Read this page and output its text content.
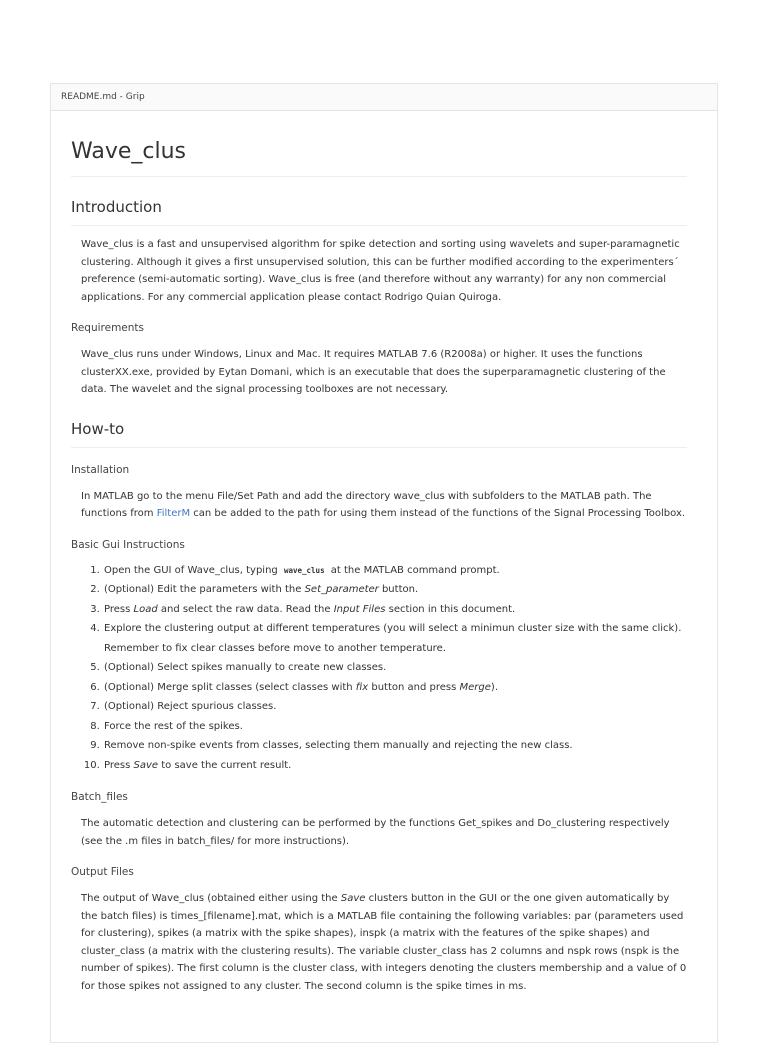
README.md - Grip
Wave_clus
Introduction

Wave_clus is a fast and unsupervised algorithm for spike detection and sorting using wavelets and super-paramagnetic clustering. Although it gives a first unsupervised solution, this can be further modified according to the experimenters´ preference (semi-automatic sorting). Wave_clus is free (and therefore without any warranty) for any non commercial applications. For any commercial application please contact Rodrigo Quian Quiroga.

Requirements

Wave_clus runs under Windows, Linux and Mac. It requires MATLAB 7.6 (R2008a) or higher. It uses the functions clusterXX.exe, provided by Eytan Domani, which is an executable that does the superparamagnetic clustering of the data. The wavelet and the signal processing toolboxes are not necessary.

How-to
Installation

In MATLAB go to the menu File/Set Path and add the directory wave_clus with subfolders to the MATLAB path. The functions from FilterM can be added to the path for using them instead of the functions of the Signal Processing Toolbox.

Basic Gui Instructions
1. Open the GUI of Wave_clus, typing wave_clus at the MATLAB command prompt.
2. (Optional) Edit the parameters with the Set_parameter button.
3. Press Load and select the raw data. Read the Input Files section in this document.
4. Explore the clustering output at different temperatures (you will select a minimun cluster size with the same click). Remember to fix clear classes before move to another temperature.
5. (Optional) Select spikes manually to create new classes.
6. (Optional) Merge split classes (select classes with fix button and press Merge).
7. (Optional) Reject spurious classes.
8. Force the rest of the spikes.
9. Remove non-spike events from classes, selecting them manually and rejecting the new class.
10. Press Save to save the current result.
Batch_files

The automatic detection and clustering can be performed by the functions Get_spikes and Do_clustering respectively (see the .m files in batch_files/ for more instructions).

Output Files

The output of Wave_clus (obtained either using the Save clusters button in the GUI or the one given automatically by the batch files) is times_[filename].mat, which is a MATLAB file containing the following variables: par (parameters used for clustering), spikes (a matrix with the spike shapes), inspk (a matrix with the features of the spike shapes) and cluster_class (a matrix with the clustering results). The variable cluster_class has 2 columns and nspk rows (nspk is the number of spikes). The first column is the cluster class, with integers denoting the clusters membership and a value of 0 for those spikes not assigned to any cluster. The second column is the spike times in ms.
